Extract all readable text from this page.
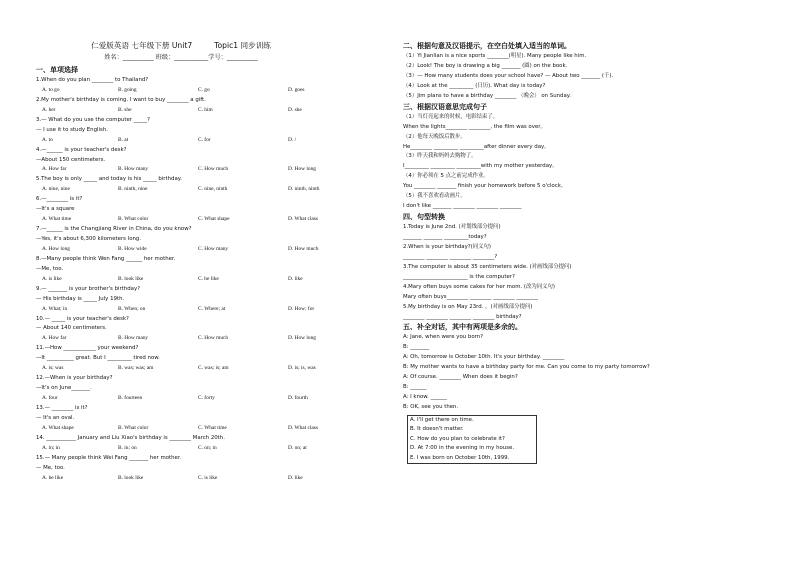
仁爱版英语 七年级下册 Unit7	Topic1 同步训练
姓名：__________ 班级：___________学号：__________
一、单项选择
1.When do you plan ________ to Thailand?
A. to go	B. going	C. go	D. goes
2.My mother's birthday is coming. I want to buy ________ a gift.
A. her	B. she	C. him	D. she
3.— What do you use the computer _____?
— I use it to study English.
A. to	B. at	C. for	D. /
4.—______ is your teacher's desk?
—About 150 centimeters.
A. How far	B. How many	C. How much	D. How long
5.The boy is only _____ and today is his _____ birthday.
A. nine, nine	B. ninth, nine	C. nine, ninth	D. ninth, ninth
6.—________ is it?
—It's a square
A. What time	B. What color	C. What shape	D. What class
7.—______ is the Changjiang River in China, do you know?
—Yes, it's about 6,300 kilometers long.
A. How long	B. How wide	C. How many	D. How much
8.—Many people think Wen Fang ______ her mother.
—Me, too.
A. is like	B. look like	C. be like	D. like
9.— _______ is your brother's birthday?
— His birthday is _____ July 19th.
A. What; in	B. When; on	C. Where; at	D. How; for
10.— _____ is your teacher's desk?
— About 140 centimeters.
A. How far	B. How many	C. How much	D. How long
11.—How ____________ your weekend?
—It __________ great. But I _________ tired now.
A. is; was	B. was; was; am	C. was; is; am	D. is; is, was
12.—When is your birthday?
—It's on June_______.
A. four	B. fourteen	C. forty	D. fourth
13.— ________ is it?
— It's an oval.
A. What shape	B. What color	C. What time	D. What class
14. ___________ January and Liu Xiao's birthday is ________ March 20th.
A. in; in	B. in; on	C. on; in	D. on; at
15.— Many people think Wei Fang _______ her mother.
— Me, too.
A. be like	B. look like	C. is like	D. like
二、根据句意及汉语提示，在空白处填入适当的单词。
（1）Yi Jianlian is a nice sports ________(明星). Many people like him.
（2）Look! The boy is drawing a big _______ (圆) on the book.
（3）— How many students does your school have? — About two _______ (千).
（4）Look at the _________ (日历). What day is today?
（5）Jim plans to have a birthday ________ （晚会） on Sunday.
三、根据汉语意思完成句子
（1）当灯亮起来的时候，电影结束了。
When the lights________ ________, the film was over。
（2）他每天晚饭后散步。
He________ _________ _________after dinner every day。
（3）昨天我和妈妈去购物了。
I_________ _________ _________with my mother yesterday。
（4）你必须在 5 点之前完成作业。
You ________ _______ finish your homework before 5 o'clock。
（5）我不喜欢看动画片。
I don't like _______ ________ ________ ________
四、句型转换
1.Today is June 2nd. (对划线部分提问)
_______ _______ _________today?
2.When is your birthday?(同义句)
________ ________ ________ ________?
3.The computer is about 35 centimeters wide. (对画线部分提问)
________________________ is the computer?
4.Mary often buys some cakes for her mom. (改为同义句)
Mary often buys________ ________ ________ ________
5.My birthday is on May 23rd. 。(对画线部分提问)
________ ________ ________ ________ birthday?
五、补全对话，其中有两项是多余的。
A: Jane, when were you born?
B: _______
A: Oh, tomorrow is October 10th. It's your birthday. ________
B: My mother wants to have a birthday party for me. Can you come to my party tomorrow?
A: Of course. ________ When does it begin?
B: ______
A: I know. ______
B: OK, see you then.
A. I'll get there on time.
B. It doesn't matter.
C. How do you plan to celebrate it?
D. At 7:00 in the evening in my house.
E. I was born on October 10th, 1999.
